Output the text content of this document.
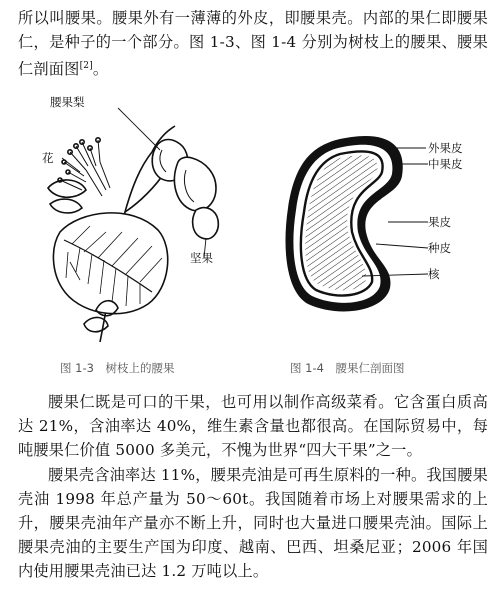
所以叫腰果。腰果外有一薄薄的外皮，即腰果壳。内部的果仁即腰果仁，是种子的一个部分。图 1-3、图 1-4 分别为树枝上的腰果、腰果仁剖面图[2]。

腰果梨
花
坚果
外果皮
中果皮
果皮
种皮
核
图 1-3　树枝上的腰果	图 1-4　腰果仁剖面图

腰果仁既是可口的干果，也可用以制作高级菜肴。它含蛋白质高达 21%，含油率达 40%，维生素含量也都很高。在国际贸易中，每吨腰果仁价值 5000 多美元，不愧为世界“四大干果”之一。

腰果壳含油率达 11%，腰果壳油是可再生原料的一种。我国腰果壳油 1998 年总产量为 50～60t。我国随着市场上对腰果需求的上升，腰果壳油年产量亦不断上升，同时也大量进口腰果壳油。国际上腰果壳油的主要生产国为印度、越南、巴西、坦桑尼亚；2006 年国内使用腰果壳油已达 1.2 万吨以上。
